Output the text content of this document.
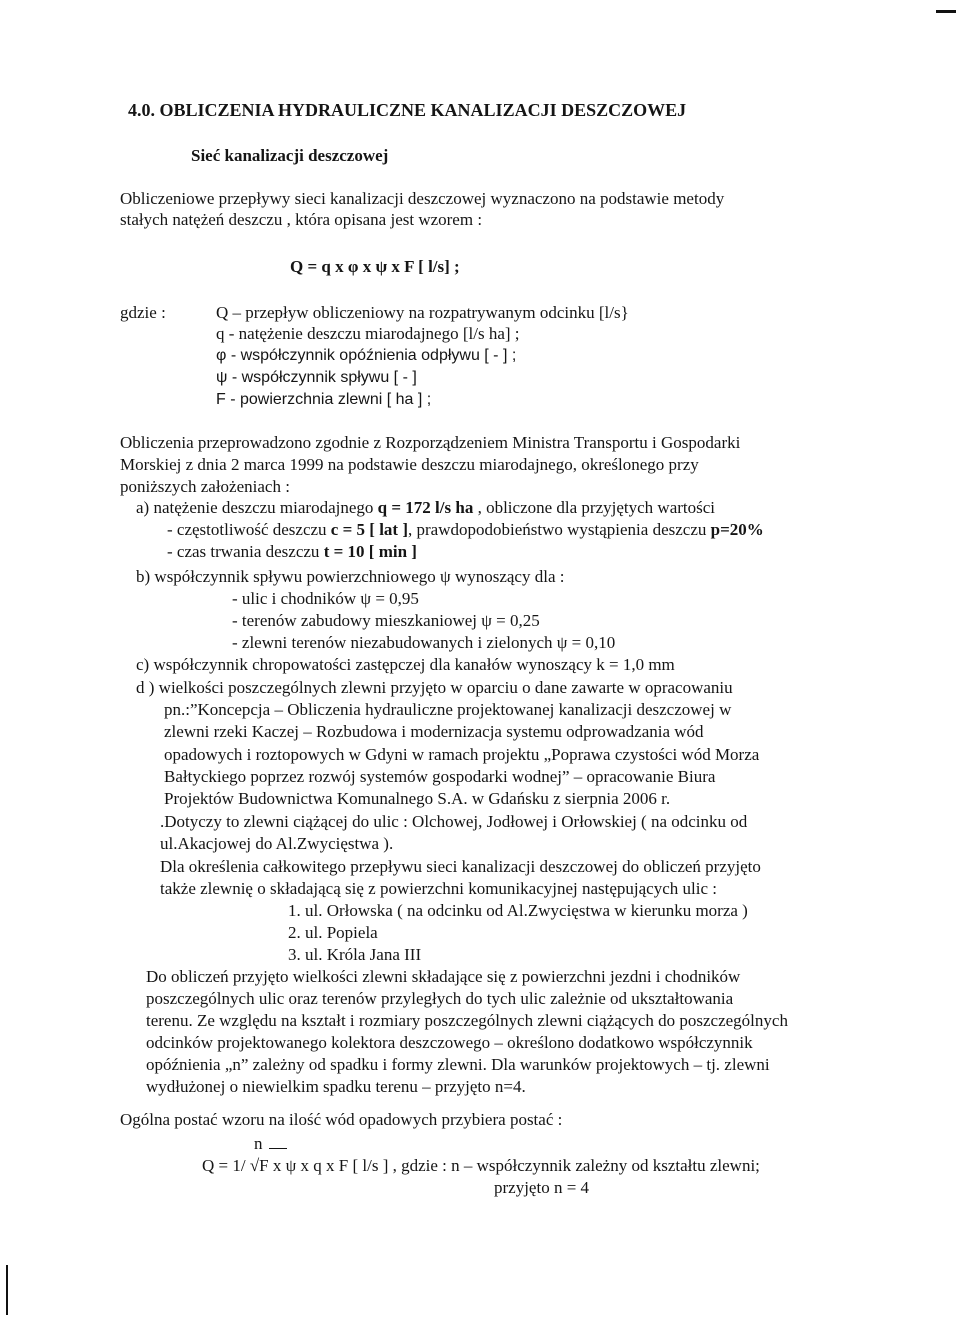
4.0. OBLICZENIA HYDRAULICZNE KANALIZACJI DESZCZOWEJ
Sieć kanalizacji deszczowej
Obliczeniowe przepływy sieci kanalizacji deszczowej wyznaczono na podstawie metody
stałych natężeń deszczu , która opisana jest wzorem :
Q = q x φ x ψ x F [ l/s] ;
gdzie :	Q – przepływ obliczeniowy na rozpatrywanym odcinku [l/s}
q - natężenie deszczu miarodajnego [l/s ha] ;
φ - współczynnik opóźnienia odpływu [ - ] ;
ψ - współczynnik spływu [ - ]
F - powierzchnia zlewni [ ha ] ;
Obliczenia przeprowadzono zgodnie z Rozporządzeniem Ministra Transportu i Gospodarki
Morskiej z dnia 2 marca 1999 na podstawie deszczu miarodajnego, określonego przy
poniższych założeniach :
a) natężenie deszczu miarodajnego q = 172 l/s ha , obliczone dla przyjętych wartości
- częstotliwość deszczu c = 5 [ lat ], prawdopodobieństwo wystąpienia deszczu p=20%
- czas trwania deszczu t = 10 [ min ]
b) współczynnik spływu powierzchniowego ψ wynoszący dla :
- ulic i chodników ψ = 0,95
- terenów zabudowy mieszkaniowej ψ = 0,25
- zlewni terenów niezabudowanych i zielonych ψ = 0,10
c) współczynnik chropowatości zastępczej dla kanałów wynoszący k = 1,0 mm
d ) wielkości poszczególnych zlewni przyjęto w oparciu o dane zawarte w opracowaniu
pn.:”Koncepcja – Obliczenia hydrauliczne projektowanej kanalizacji deszczowej w
zlewni rzeki Kaczej – Rozbudowa i modernizacja systemu odprowadzania wód
opadowych i roztopowych w Gdyni w ramach projektu „Poprawa czystości wód Morza
Bałtyckiego poprzez rozwój systemów gospodarki wodnej” – opracowanie Biura
Projektów Budownictwa Komunalnego S.A. w Gdańsku z sierpnia 2006 r.
.Dotyczy to zlewni ciążącej do ulic : Olchowej, Jodłowej i Orłowskiej ( na odcinku od
ul.Akacjowej do Al.Zwycięstwa ).
Dla określenia całkowitego przepływu sieci kanalizacji deszczowej do obliczeń przyjęto
także zlewnię o składającą się z powierzchni komunikacyjnej następujących ulic :
1. ul. Orłowska ( na odcinku od Al.Zwycięstwa w kierunku morza )
2. ul. Popiela
3. ul. Króla Jana III
Do obliczeń przyjęto wielkości zlewni składające się z powierzchni jezdni i chodników
poszczególnych ulic oraz terenów przyległych do tych ulic zależnie od ukształtowania
terenu. Ze względu na kształt i rozmiary poszczególnych zlewni ciążących do poszczególnych
odcinków projektowanego kolektora deszczowego – określono dodatkowo współczynnik
opóźnienia „n” zależny od spadku i formy zlewni. Dla warunków projektowych – tj. zlewni
wydłużonej o niewielkim spadku terenu – przyjęto n=4.
Ogólna postać wzoru na ilość wód opadowych przybiera postać :
n
Q = 1/ √F x ψ x q x F [ l/s ] , gdzie : n – współczynnik zależny od kształtu zlewni;
przyjęto n = 4
